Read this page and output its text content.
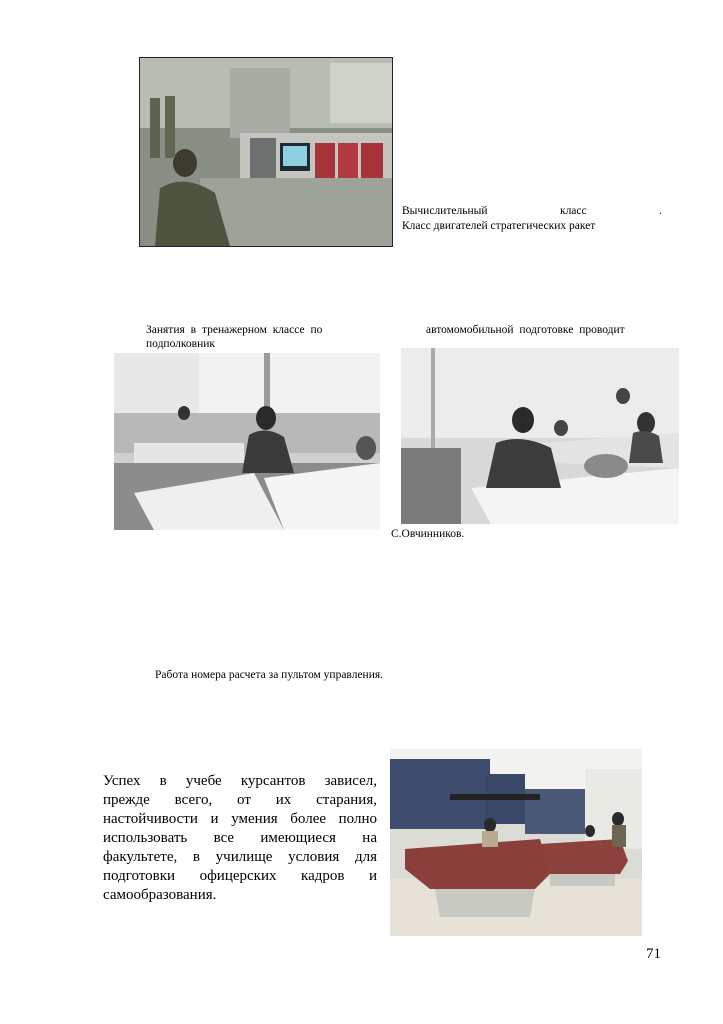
Вычислительный	класс	.
Класс двигателей стратегических ракет
Занятия в тренажерном классе по	автомомобильной подготовке проводит
подполковник
С.Овчинников.
Работа номера расчета за пультом управления.
Успех в учебе курсантов зависел,
прежде всего, от их старания,
настойчивости и умения более полно
использовать все имеющиеся на
факультете, в училище условия для
подготовки офицерских кадров и
самообразования.
71
